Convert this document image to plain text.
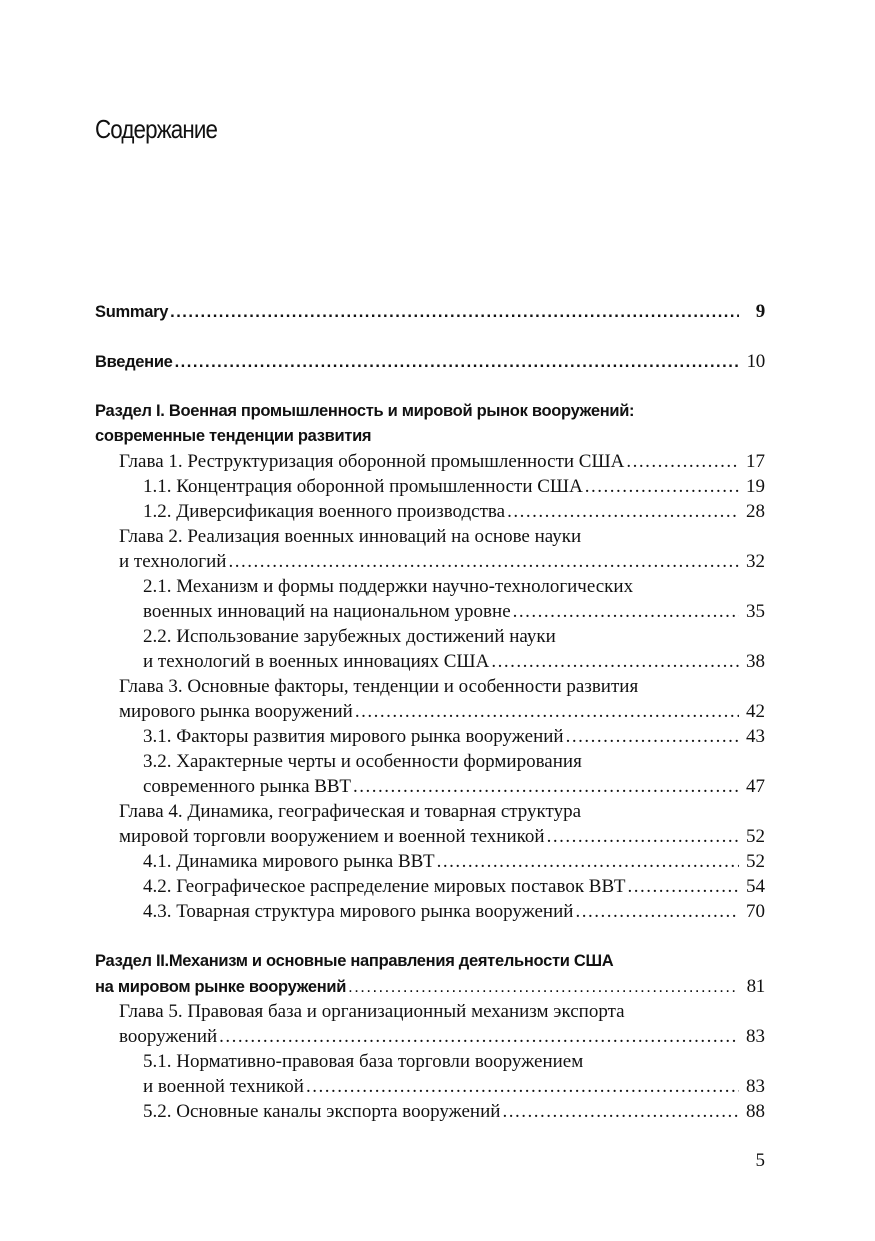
Содержание
Summary .....	9
Введение .....	10
Раздел I. Военная промышленность и мировой рынок вооружений:
современные тенденции развития
Глава 1. Реструктуризация оборонной промышленности США .....	17
1.1. Концентрация оборонной промышленности США .....	19
1.2. Диверсификация военного производства .....	28
Глава 2. Реализация военных инноваций на основе науки
и технологий .....	32
2.1. Механизм и формы поддержки научно-технологических
военных инноваций на национальном уровне .....	35
2.2. Использование зарубежных достижений науки
и технологий в военных инновациях США .....	38
Глава 3. Основные факторы, тенденции и особенности развития
мирового рынка вооружений .....	42
3.1. Факторы развития мирового рынка вооружений .....	43
3.2. Характерные черты и особенности формирования
современного рынка ВВТ .....	47
Глава 4. Динамика, географическая и товарная структура
мировой торговли вооружением и военной техникой .....	52
4.1. Динамика мирового рынка ВВТ .....	52
4.2. Географическое распределение мировых поставок ВВТ .....	54
4.3. Товарная структура мирового рынка вооружений .....	70
Раздел II.Механизм и основные направления деятельности США
на мировом рынке вооружений .....	81
Глава 5. Правовая база и организационный механизм экспорта
вооружений .....	83
5.1. Нормативно-правовая база торговли вооружением
и военной техникой .....	83
5.2. Основные каналы экспорта вооружений .....	88
5
